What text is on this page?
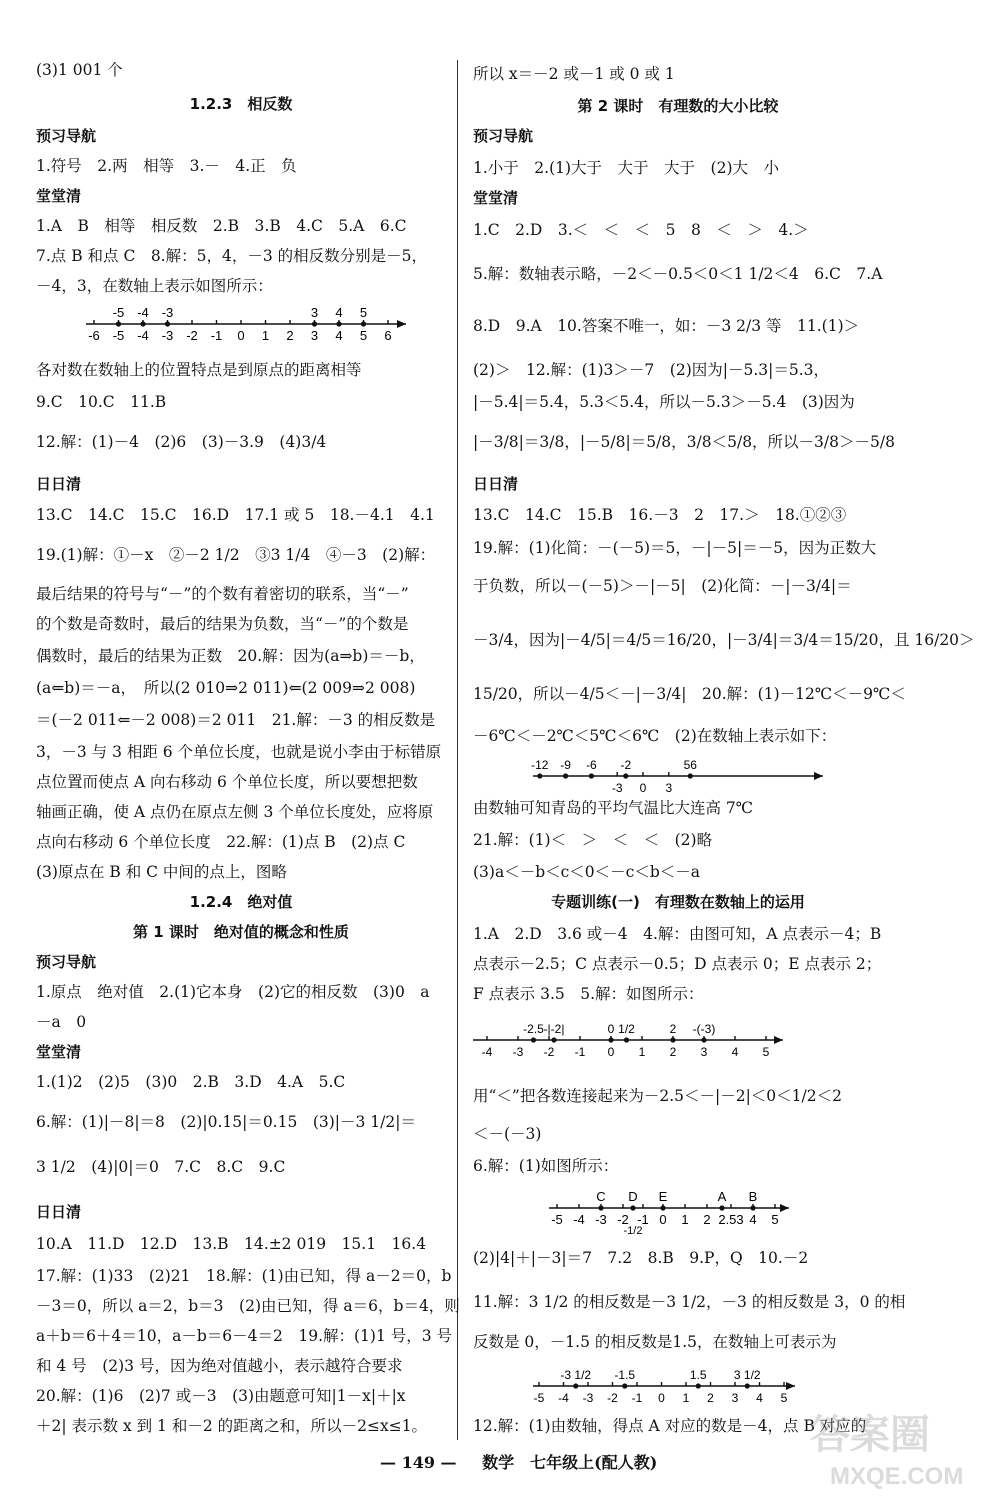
(3)1 001 个
1.2.3　相反数
预习导航
1.符号　2.两　相等　3.－　4.正　负
堂堂清
1.A　B　相等　相反数　2.B　3.B　4.C　5.A　6.C
7.点 B 和点 C　8.解：5，4，－3 的相反数分别是－5，
－4，3，在数轴上表示如图所示：
-6 -5 -4 -3 -2 -1 0 1 2 3 4 5 6
-5 -4 -3	3 4 5
各对数在数轴上的位置特点是到原点的距离相等
9.C　10.C　11.B
12.解：(1)－4　(2)6　(3)－3.9　(4)3/4
日日清
13.C　14.C　15.C　16.D　17.1 或 5　18.－4.1　4.1
19.(1)解：①－x　②－2 1/2　③3 1/4　④－3　(2)解：
最后结果的符号与“－”的个数有着密切的联系，当“－”
的个数是奇数时，最后的结果为负数，当“－”的个数是
偶数时，最后的结果为正数　20.解：因为(a⇒b)＝－b，
(a⇐b)＝－a，　所以(2 010⇒2 011)⇐(2 009⇒2 008)
＝(－2 011⇐－2 008)＝2 011　21.解：－3 的相反数是
3，－3 与 3 相距 6 个单位长度，也就是说小李由于标错原
点位置而使点 A 向右移动 6 个单位长度，所以要想把数
轴画正确，使 A 点仍在原点左侧 3 个单位长度处，应将原
点向右移动 6 个单位长度　22.解：(1)点 B　(2)点 C
(3)原点在 B 和 C 中间的点上，图略
1.2.4　绝对值
第 1 课时　绝对值的概念和性质
预习导航
1.原点　绝对值　2.(1)它本身　(2)它的相反数　(3)0　a
－a　0
堂堂清
1.(1)2　(2)5　(3)0　2.B　3.D　4.A　5.C
6.解：(1)|－8|＝8　(2)|0.15|＝0.15　(3)|－3 1/2|＝
3 1/2　(4)|0|＝0　7.C　8.C　9.C
日日清
10.A　11.D　12.D　13.B　14.±2 019　15.1　16.4
17.解：(1)33　(2)21　18.解：(1)由已知，得 a－2＝0，b
－3＝0，所以 a＝2，b＝3　(2)由已知，得 a＝6，b＝4，则
a＋b＝6＋4＝10，a－b＝6－4＝2　19.解：(1)1 号，3 号
和 4 号　(2)3 号，因为绝对值越小，表示越符合要求
20.解：(1)6　(2)7 或－3　(3)由题意可知|1－x|＋|x
＋2| 表示数 x 到 1 和－2 的距离之和，所以－2≤x≤1。
所以 x＝－2 或－1 或 0 或 1
第 2 课时　有理数的大小比较
预习导航
1.小于　2.(1)大于　大于　大于　(2)大　小
堂堂清
1.C　2.D　3.＜　＜　＜　5　8　＜　＞　4.＞
5.解：数轴表示略，－2＜－0.5＜0＜1 1/2＜4　6.C　7.A
8.D　9.A　10.答案不唯一，如：－3 2/3 等　11.(1)＞
(2)＞　12.解：(1)3＞－7　(2)因为|－5.3|＝5.3，
|－5.4|＝5.4，5.3＜5.4，所以－5.3＞－5.4　(3)因为
|－3/8|＝3/8，|－5/8|＝5/8，3/8＜5/8，所以－3/8＞－5/8
日日清
13.C　14.C　15.B　16.－3　2　17.＞　18.①②③
19.解：(1)化简：－(－5)＝5，－|－5|＝－5，因为正数大
于负数，所以－(－5)＞－|－5|　(2)化简：－|－3/4|＝
－3/4，因为|－4/5|＝4/5＝16/20，|－3/4|＝3/4＝15/20，且 16/20＞
15/20，所以－4/5＜－|－3/4|　20.解：(1)－12℃＜－9℃＜
－6℃＜－2℃＜5℃＜6℃　(2)在数轴上表示如下：
-3 0 3
-12 -9 -6 -2	56
由数轴可知青岛的平均气温比大连高 7℃
21.解：(1)＜　＞　＜　＜　(2)略
(3)a＜－b＜c＜0＜－c＜b＜－a
专题训练(一)　有理数在数轴上的运用
1.A　2.D　3.6 或－4　4.解：由图可知，A 点表示－4；B
点表示－2.5；C 点表示－0.5；D 点表示 0；E 点表示 2；
F 点表示 3.5　5.解：如图所示：
-4 -3 -2 -1 0 1 2 3 4 5
-2.5 -|-2|	0 1/2	2 -(-3)
用“＜”把各数连接起来为－2.5＜－|－2|＜0＜1/2＜2
＜－(－3)
6.解：(1)如图所示：
-5 -4 -3 -2 -1 0 1 2 2.53 4 5
C D E	A B
-1/2
(2)|4|＋|－3|＝7　7.2　8.B　9.P，Q　10.－2
11.解：3 1/2 的相反数是－3 1/2，－3 的相反数是 3，0 的相
反数是 0，－1.5 的相反数是1.5，在数轴上可表示为
-5 -4 -3 -2 -1 0 1 2 3 4 5
-3 1/2 -1.5	1.5 3 1/2
12.解：(1)由数轴，得点 A 对应的数是－4，点 B 对应的
— 149 — 数学　七年级上(配人教)
答案圈
MXQE.COM
